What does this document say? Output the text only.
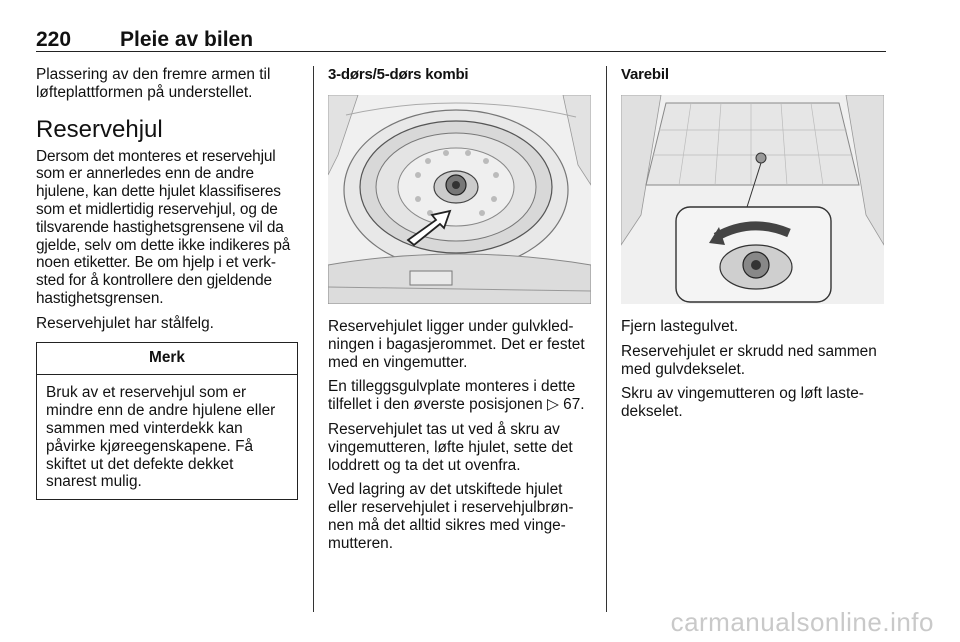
220 Pleie av bilen

Plassering av den fremre armen til løfteplattformen på understellet.

Reservehjul

Dersom det monteres et reservehjul som er annerledes enn de andre hjulene, kan dette hjulet klassifiseres som et midlertidig reservehjul, og de tilsvarende hastighetsgrensene vil da gjelde, selv om dette ikke indikeres på noen etiketter. Be om hjelp i et verk- sted for å kontrollere den gjeldende hastighetsgrensen.

Reservehjulet har stålfelg.

Merk
Bruk av et reservehjul som er mindre enn de andre hjulene eller sammen med vinterdekk kan påvirke kjøreegenskapene. Få skiftet ut det defekte dekket snarest mulig.
3-dørs/5-dørs kombi

Reservehjulet ligger under gulvkled- ningen i bagasjerommet. Det er festet med en vingemutter.

En tilleggsgulvplate monteres i dette tilfellet i den øverste posisjonen ▷ 67.

Reservehjulet tas ut ved å skru av vingemutteren, løfte hjulet, sette det loddrett og ta det ut ovenfra.

Ved lagring av det utskiftede hjulet eller reservehjulet i reservehjulbrøn- nen må det alltid sikres med vinge- mutteren.

Varebil

Fjern lastegulvet.

Reservehjulet er skrudd ned sammen med gulvdekselet.

Skru av vingemutteren og løft laste- dekselet.

carmanualsonline.info
